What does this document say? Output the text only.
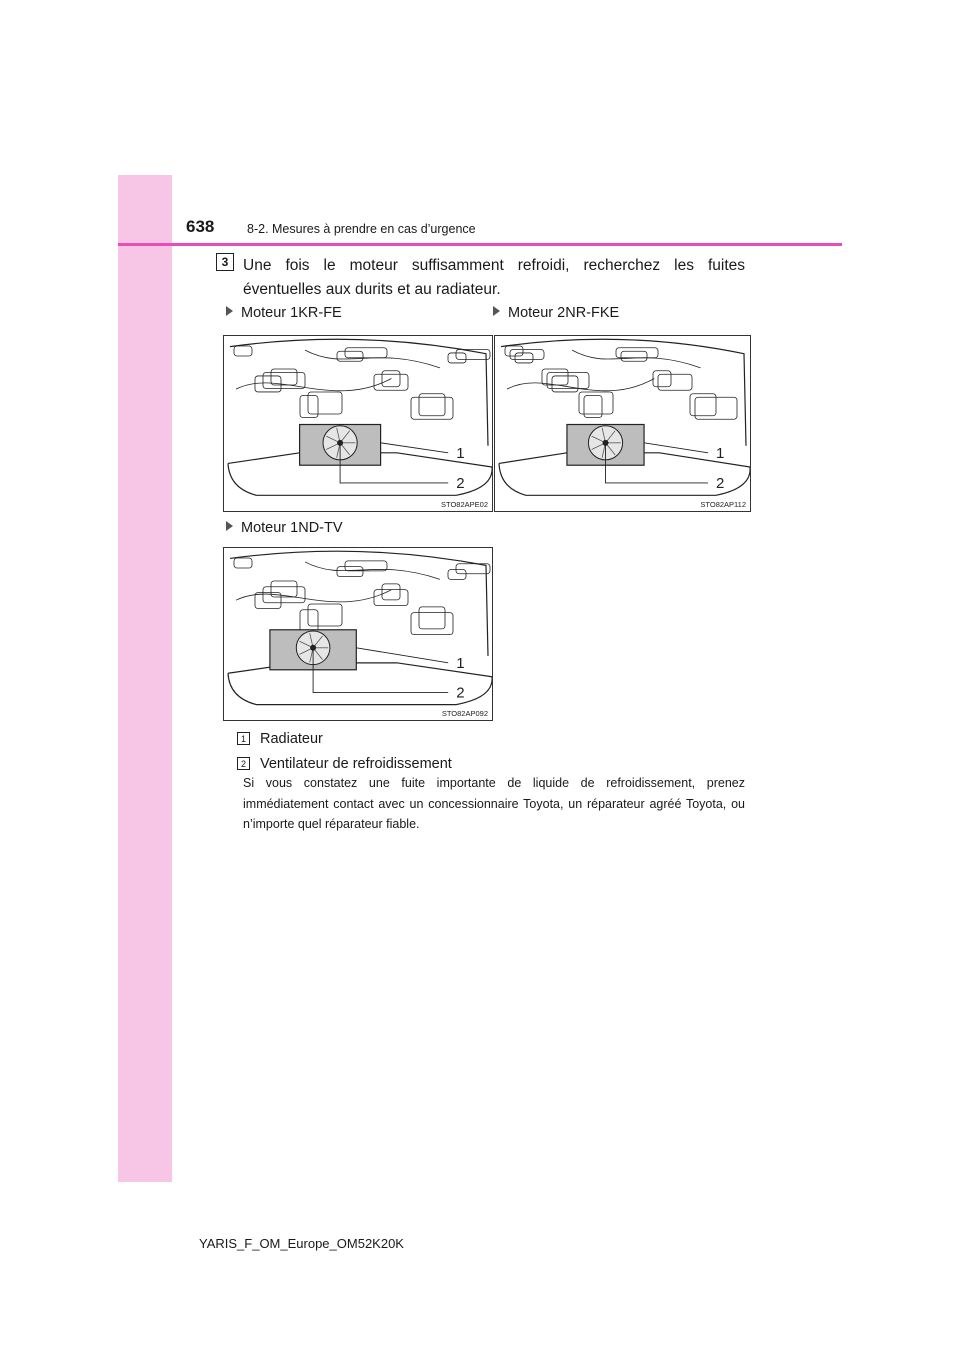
638	8-2. Mesures à prendre en cas d’urgence
3 Une fois le moteur suffisamment refroidi, recherchez les fuites éventuelles aux durits et au radiateur.
Moteur 1KR-FE
1
2
STO82APE02
Moteur 2NR-FKE
1
2
STO82AP112
Moteur 1ND-TV
1
2
STO82AP092
1 Radiateur
2 Ventilateur de refroidissement
Si vous constatez une fuite importante de liquide de refroidissement, prenez immédiatement contact avec un concessionnaire Toyota, un réparateur agréé Toyota, ou n’importe quel réparateur fiable.
YARIS_F_OM_Europe_OM52K20K
